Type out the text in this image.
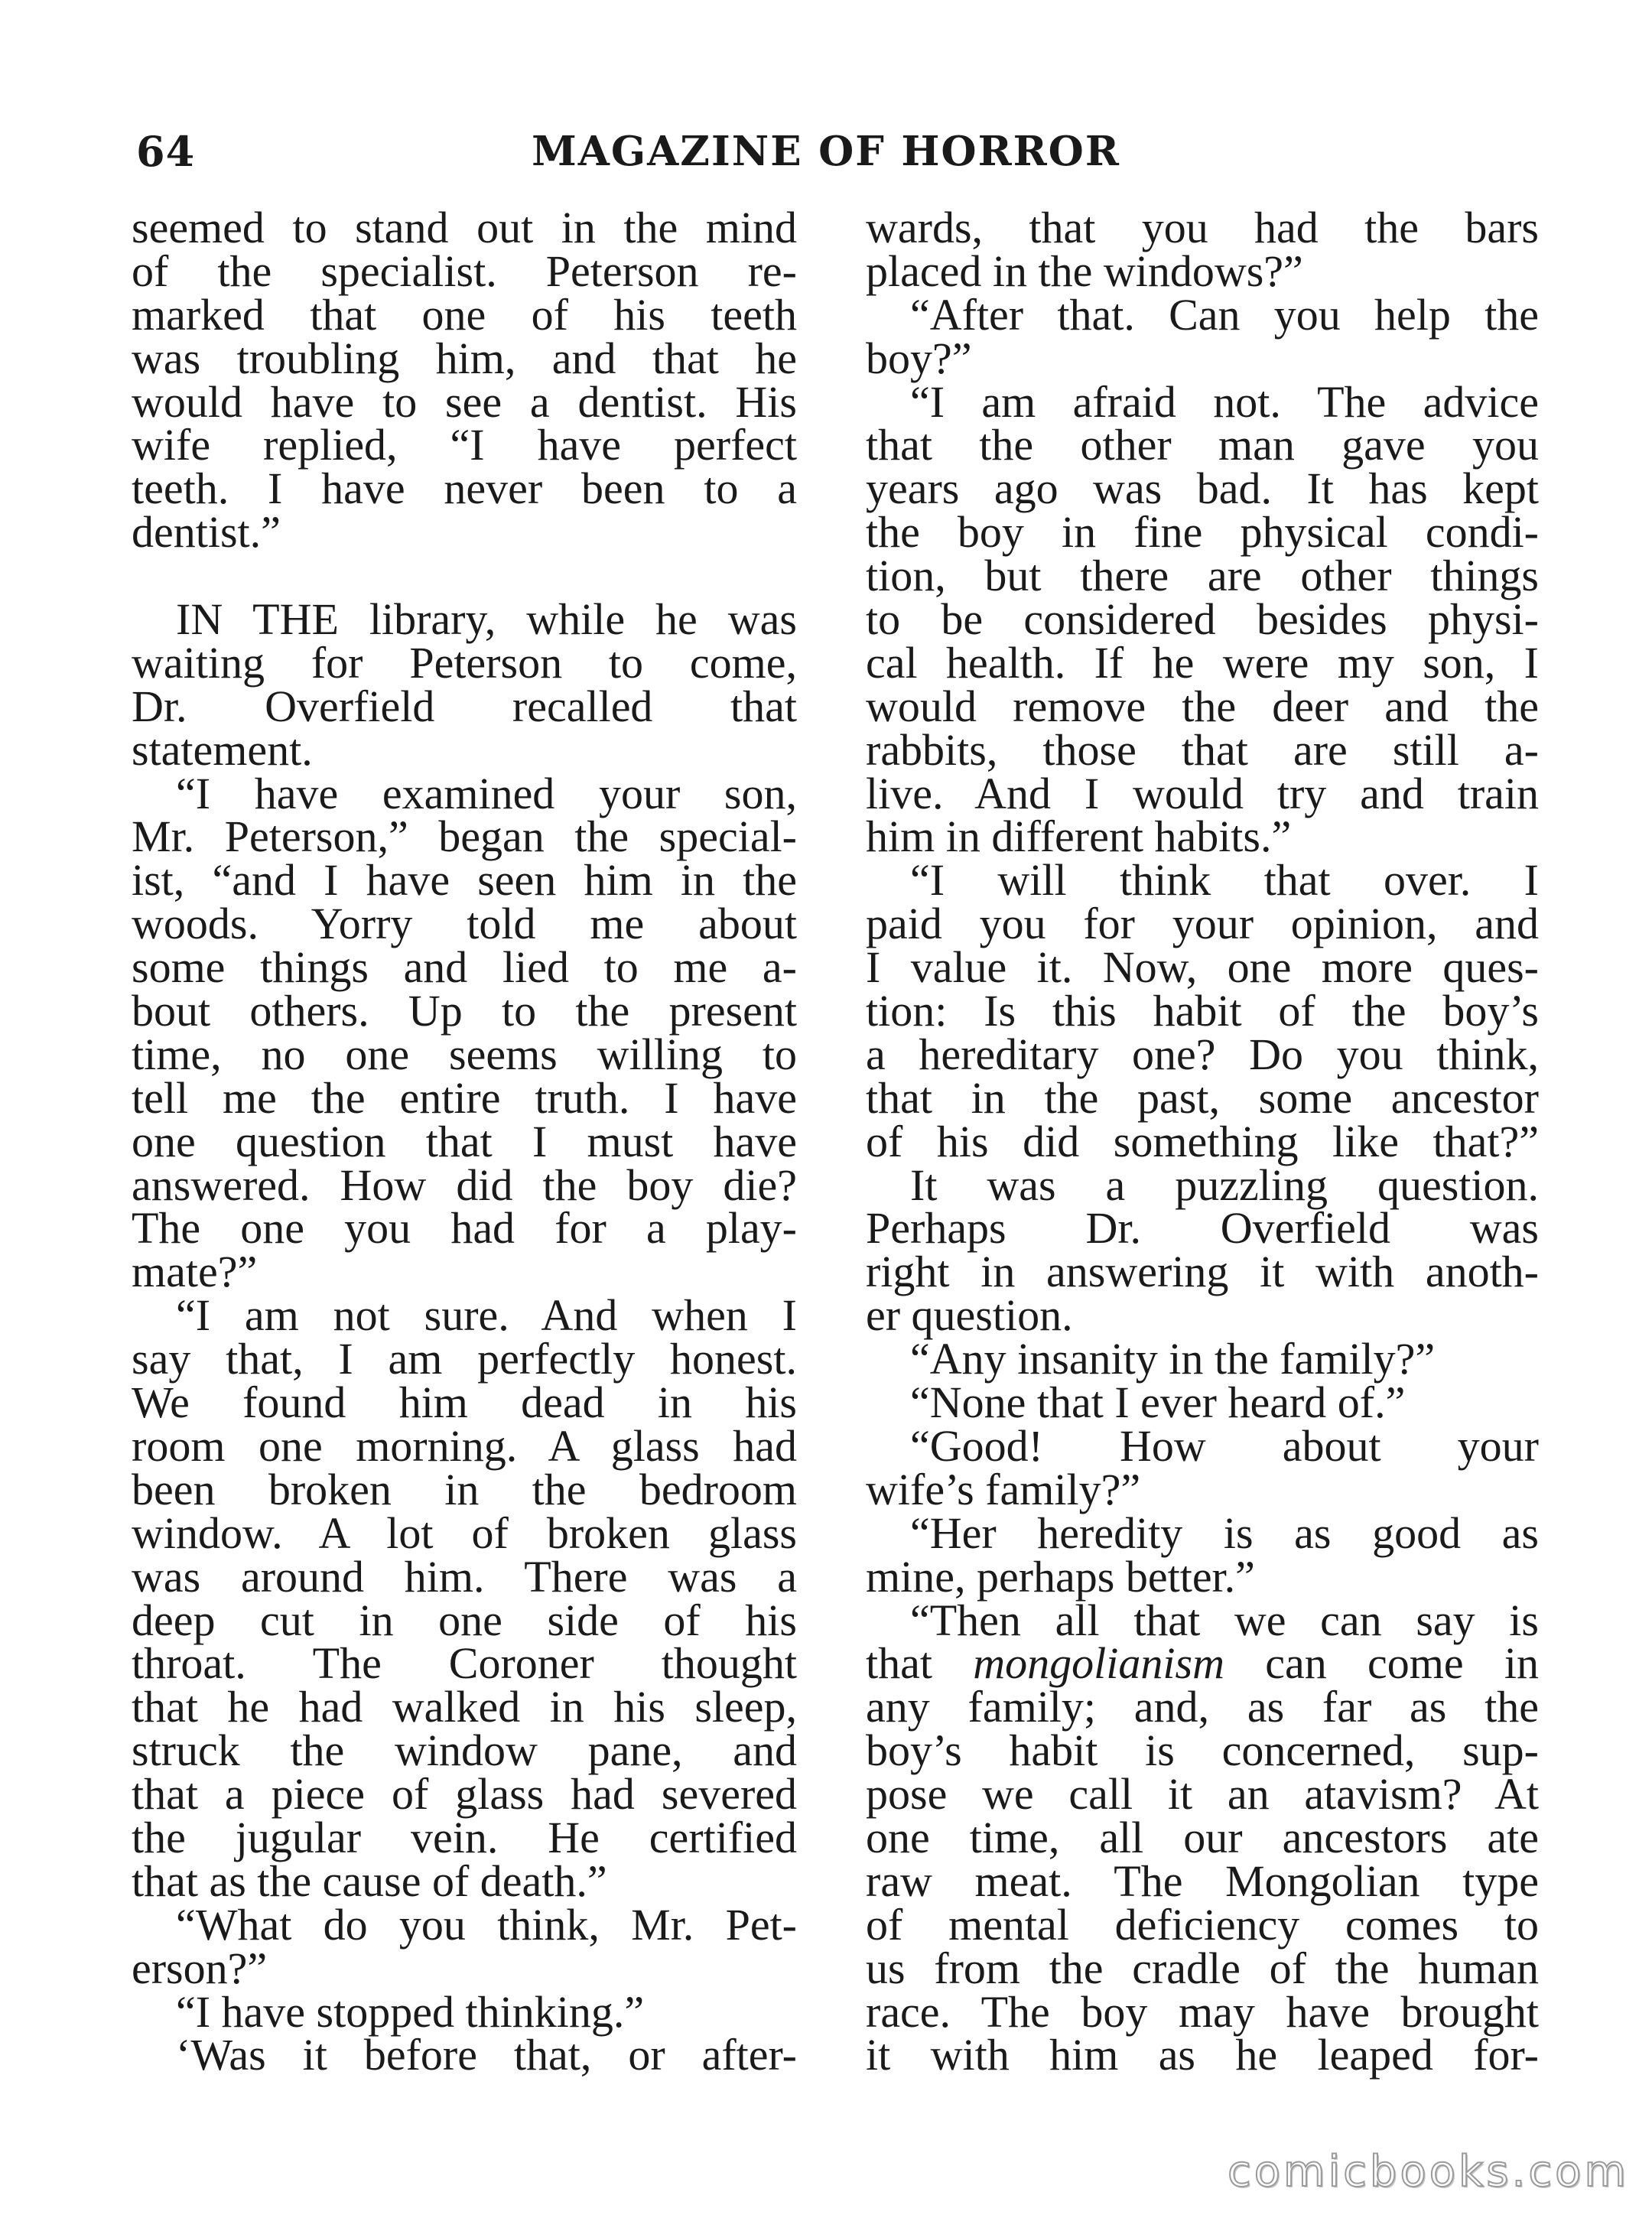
64	MAGAZINE OF HORROR
seemed to stand out in the mind
of the specialist. Peterson re-
marked that one of his teeth
was troubling him, and that he
would have to see a dentist. His
wife replied, “I have perfect
teeth. I have never been to a
dentist.”
IN THE library, while he was
waiting for Peterson to come,
Dr. Overfield recalled that
statement.
“I have examined your son,
Mr. Peterson,” began the special-
ist, “and I have seen him in the
woods. Yorry told me about
some things and lied to me a-
bout others. Up to the present
time, no one seems willing to
tell me the entire truth. I have
one question that I must have
answered. How did the boy die?
The one you had for a play-
mate?”
“I am not sure. And when I
say that, I am perfectly honest.
We found him dead in his
room one morning. A glass had
been broken in the bedroom
window. A lot of broken glass
was around him. There was a
deep cut in one side of his
throat. The Coroner thought
that he had walked in his sleep,
struck the window pane, and
that a piece of glass had severed
the jugular vein. He certified
that as the cause of death.”
“What do you think, Mr. Pet-
erson?”
“I have stopped thinking.”
‘Was it before that, or after-
wards, that you had the bars
placed in the windows?”
“After that. Can you help the
boy?”
“I am afraid not. The advice
that the other man gave you
years ago was bad. It has kept
the boy in fine physical condi-
tion, but there are other things
to be considered besides physi-
cal health. If he were my son, I
would remove the deer and the
rabbits, those that are still a-
live. And I would try and train
him in different habits.”
“I will think that over. I
paid you for your opinion, and
I value it. Now, one more ques-
tion: Is this habit of the boy’s
a hereditary one? Do you think,
that in the past, some ancestor
of his did something like that?”
It was a puzzling question.
Perhaps Dr. Overfield was
right in answering it with anoth-
er question.
“Any insanity in the family?”
“None that I ever heard of.”
“Good! How about your
wife’s family?”
“Her heredity is as good as
mine, perhaps better.”
“Then all that we can say is
that mongolianism can come in
any family; and, as far as the
boy’s habit is concerned, sup-
pose we call it an atavism? At
one time, all our ancestors ate
raw meat. The Mongolian type
of mental deficiency comes to
us from the cradle of the human
race. The boy may have brought
it with him as he leaped for-
comicbooks.com
